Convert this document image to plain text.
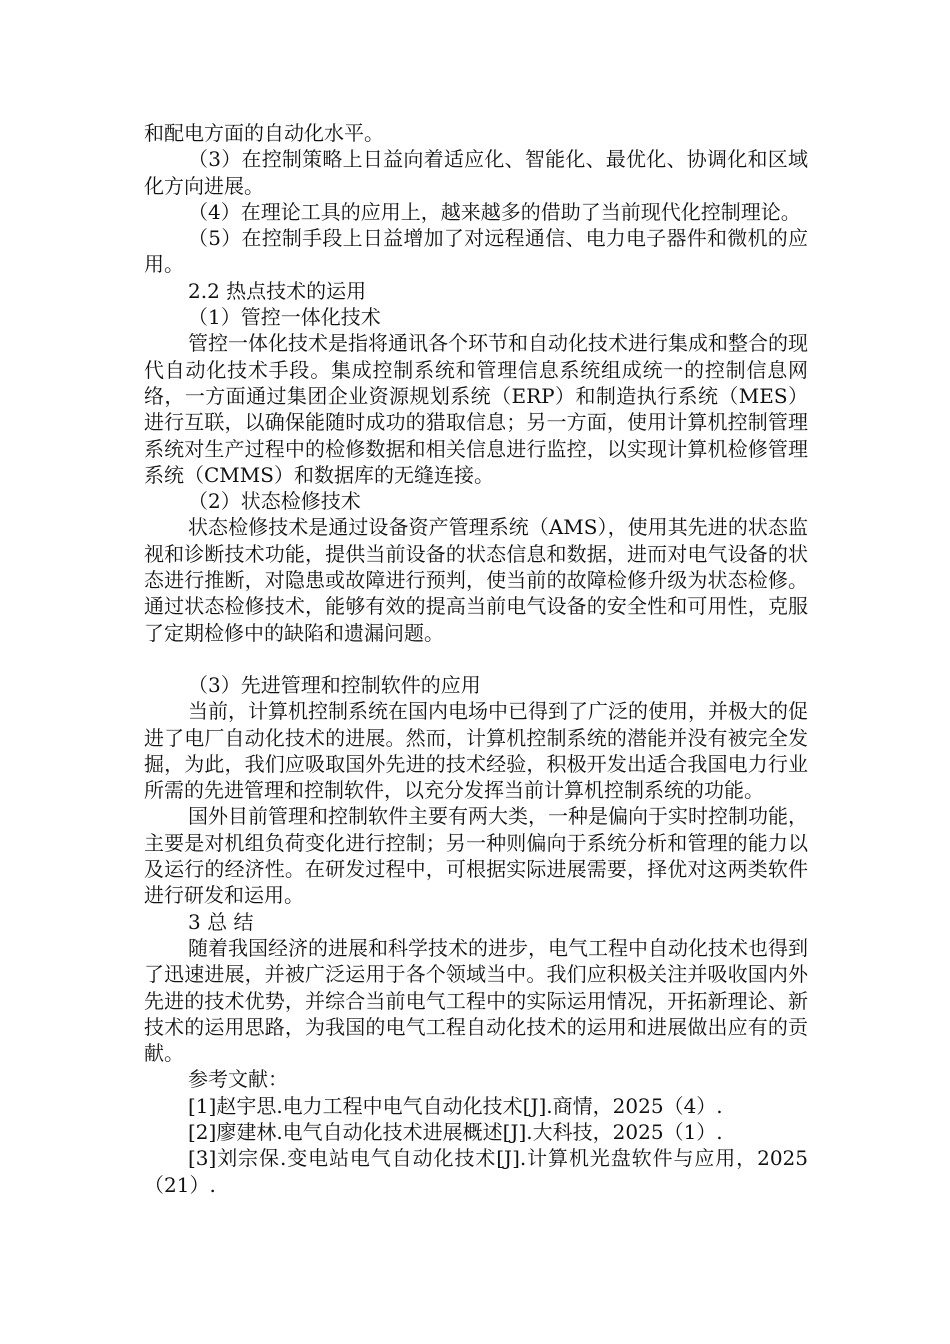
和配电方面的自动化水平。

（3）在控制策略上日益向着适应化、智能化、最优化、协调化和区域化方向进展。

（4）在理论工具的应用上，越来越多的借助了当前现代化控制理论。

（5）在控制手段上日益增加了对远程通信、电力电子器件和微机的应用。

2.2 热点技术的运用

（1）管控一体化技术

管控一体化技术是指将通讯各个环节和自动化技术进行集成和整合的现代自动化技术手段。集成控制系统和管理信息系统组成统一的控制信息网络，一方面通过集团企业资源规划系统（ERP）和制造执行系统（MES）进行互联，以确保能随时成功的猎取信息；另一方面，使用计算机控制管理系统对生产过程中的检修数据和相关信息进行监控，以实现计算机检修管理系统（CMMS）和数据库的无缝连接。

（2）状态检修技术

状态检修技术是通过设备资产管理系统（AMS），使用其先进的状态监视和诊断技术功能，提供当前设备的状态信息和数据，进而对电气设备的状态进行推断，对隐患或故障进行预判，使当前的故障检修升级为状态检修。通过状态检修技术，能够有效的提高当前电气设备的安全性和可用性，克服了定期检修中的缺陷和遗漏问题。

（3）先进管理和控制软件的应用

当前，计算机控制系统在国内电场中已得到了广泛的使用，并极大的促进了电厂自动化技术的进展。然而，计算机控制系统的潜能并没有被完全发掘，为此，我们应吸取国外先进的技术经验，积极开发出适合我国电力行业所需的先进管理和控制软件，以充分发挥当前计算机控制系统的功能。

国外目前管理和控制软件主要有两大类，一种是偏向于实时控制功能，主要是对机组负荷变化进行控制；另一种则偏向于系统分析和管理的能力以及运行的经济性。在研发过程中，可根据实际进展需要，择优对这两类软件进行研发和运用。

3 总 结

随着我国经济的进展和科学技术的进步，电气工程中自动化技术也得到了迅速进展，并被广泛运用于各个领域当中。我们应积极关注并吸收国内外先进的技术优势，并综合当前电气工程中的实际运用情况，开拓新理论、新技术的运用思路，为我国的电气工程自动化技术的运用和进展做出应有的贡献。

参考文献：

[1]赵宇思.电力工程中电气自动化技术[J].商情，2025（4）.

[2]廖建林.电气自动化技术进展概述[J].大科技，2025（1）.

[3]刘宗保.变电站电气自动化技术[J].计算机光盘软件与应用，2025（21）.
